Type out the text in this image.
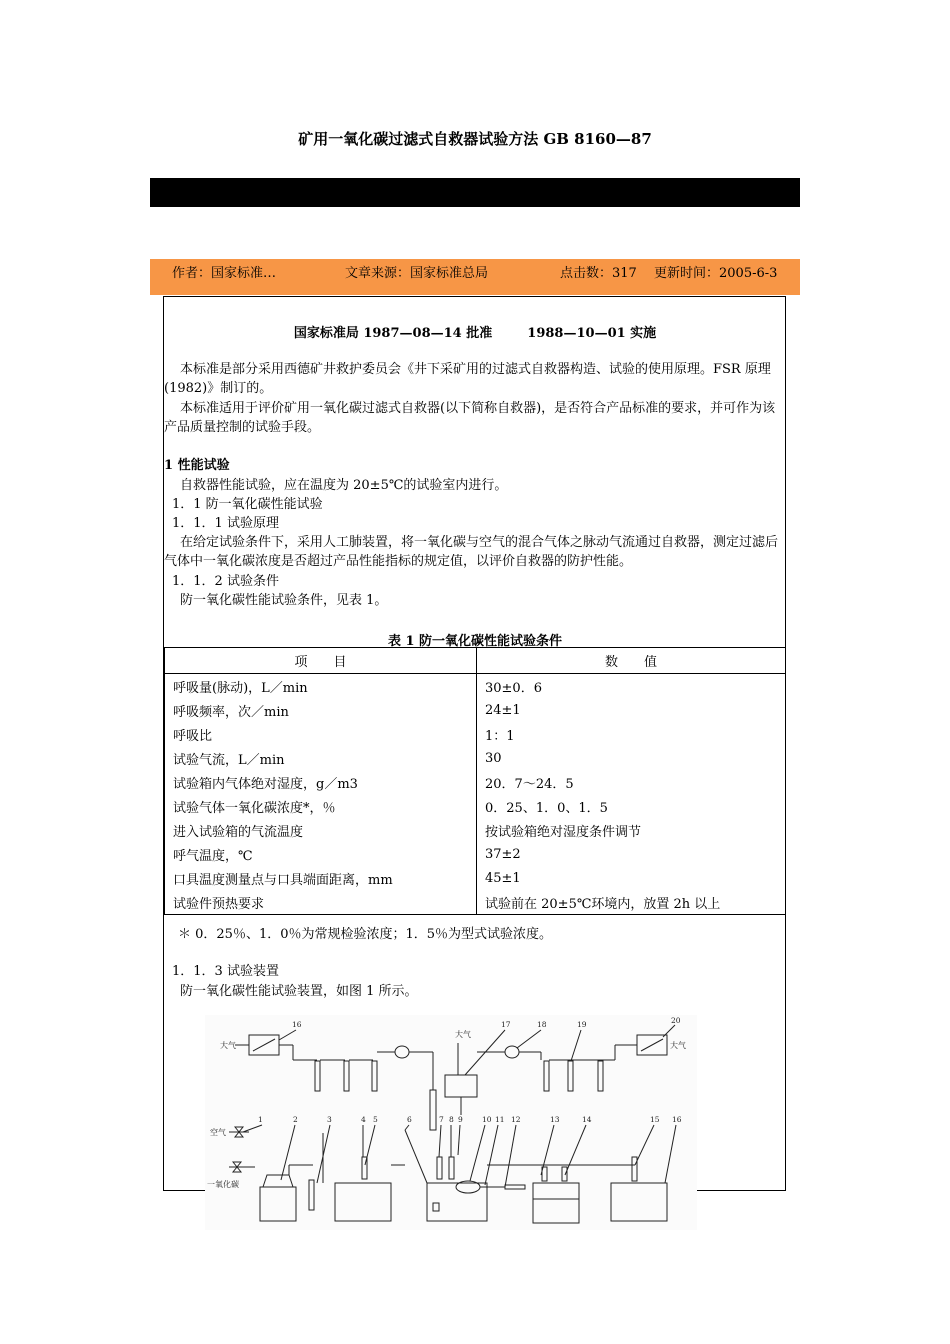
矿用一氧化碳过滤式自救器试验方法 GB 8160—87
作者：国家标准…	文章来源：国家标准总局	点击数：317 更新时间：2005-6-3
国家标准局 1987—08—14 批准	1988—10—01 实施
本标准是部分采用西德矿井救护委员会《井下采矿用的过滤式自救器构造、试验的使用原理。FSR 原理(1982)》制订的。
本标准适用于评价矿用一氧化碳过滤式自救器(以下简称自救器)，是否符合产品标准的要求，并可作为该产品质量控制的试验手段。
1 性能试验
自救器性能试验，应在温度为 20±5℃的试验室内进行。
1．1 防一氧化碳性能试验
1．1．1 试验原理
在给定试验条件下，采用人工肺装置，将一氧化碳与空气的混合气体之脉动气流通过自救器，测定过滤后气体中一氧化碳浓度是否超过产品性能指标的规定值，以评价自救器的防护性能。
1．1．2 试验条件
防一氧化碳性能试验条件，见表 1。
表 1 防一氧化碳性能试验条件
项　　目	数　　值
呼吸量(脉动)，L／min	30±0．6
呼吸频率，次／min	24±1
呼吸比	1：1
试验气流，L／min	30
试验箱内气体绝对湿度，g／m3	20．7～24．5
试验气体一氧化碳浓度*，％	0．25、1．0、1．5
进入试验箱的气流温度	按试验箱绝对湿度条件调节
呼气温度，℃	37±2
口具温度测量点与口具端面距离，mm	45±1
试验件预热要求	试验前在 20±5℃环境内，放置 2h 以上
＊ 0．25％、1．0％为常规检验浓度；1．5％为型式试验浓度。
1．1．3 试验装置
防一氧化碳性能试验装置，如图 1 所示。
大气
大气
大气
空气
一氧化碳
1	2	3	4 5	6	7 8 9	10 11 12	13	14	15 16
16	17	18	19	20
